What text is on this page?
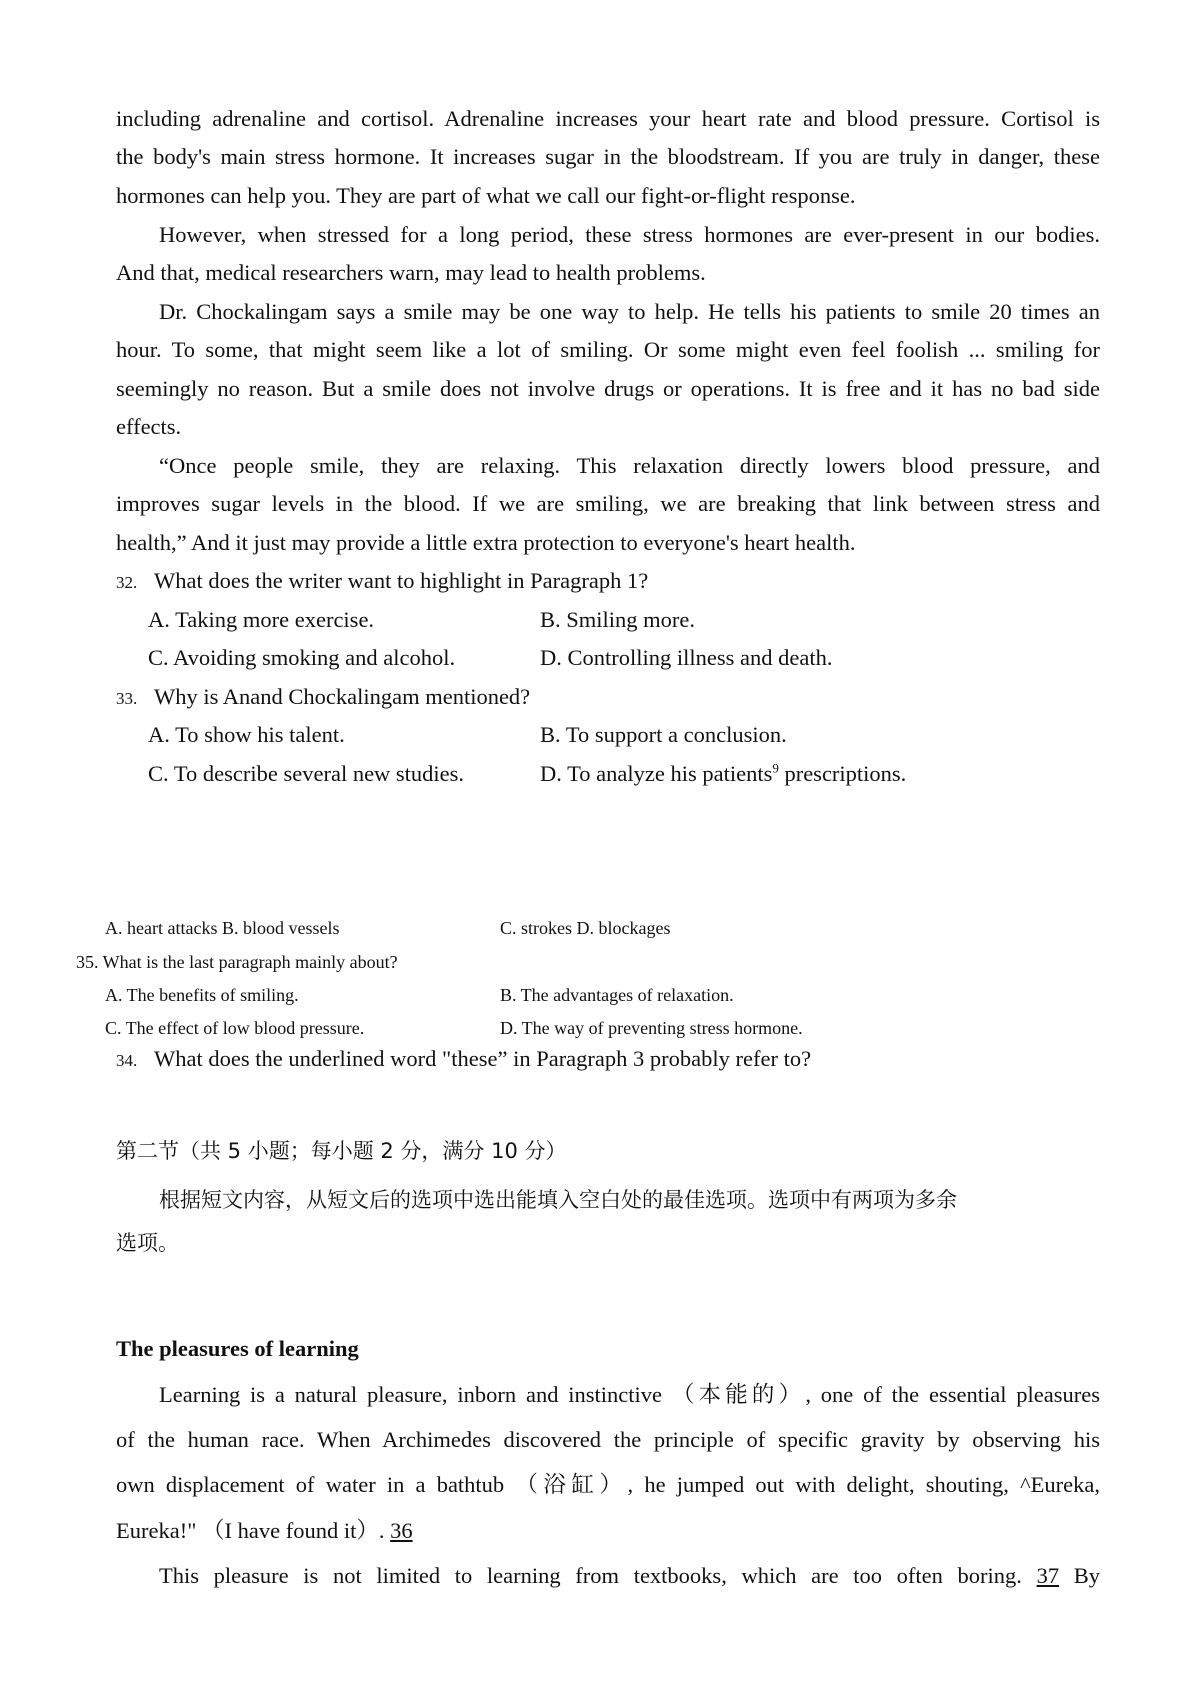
including adrenaline and cortisol. Adrenaline increases your heart rate and blood pressure. Cortisol is
the body's main stress hormone. It increases sugar in the bloodstream. If you are truly in danger, these
hormones can help you. They are part of what we call our fight-or-flight response.
However, when stressed for a long period, these stress hormones are ever-present in our bodies.
And that, medical researchers warn, may lead to health problems.
Dr. Chockalingam says a smile may be one way to help. He tells his patients to smile 20 times an
hour. To some, that might seem like a lot of smiling. Or some might even feel foolish ... smiling for
seemingly no reason. But a smile does not involve drugs or operations. It is free and it has no bad side
effects.
“Once people smile, they are relaxing. This relaxation directly lowers blood pressure, and
improves sugar levels in the blood. If we are smiling, we are breaking that link between stress and
health,” And it just may provide a little extra protection to everyone's heart health.
32. What does the writer want to highlight in Paragraph 1?
A. Taking more exercise.	B. Smiling more.
C. Avoiding smoking and alcohol.	D. Controlling illness and death.
33. Why is Anand Chockalingam mentioned?
A. To show his talent.	B. To support a conclusion.
C. To describe several new studies.	D. To analyze his patients$^9$ prescriptions.
A. heart attacks B. blood vessels	C. strokes D. blockages
35. What is the last paragraph mainly about?
A. The benefits of smiling.	B. The advantages of relaxation.
C. The effect of low blood pressure.	D. The way of preventing stress hormone.
34. What does the underlined word "these” in Paragraph 3 probably refer to?
第二节（共 5 小题；每小题 2 分，满分 10 分）
根据短文内容，从短文后的选项中选出能填入空白处的最佳选项。选项中有两项为多余
选项。
The pleasures of learning
Learning is a natural pleasure, inborn and instinctive （本能的）, one of the essential pleasures
of the human race. When Archimedes discovered the principle of specific gravity by observing his
own displacement of water in a bathtub （浴缸）, he jumped out with delight, shouting, ^Eureka,
Eureka!" （I have found it）. 36
This pleasure is not limited to learning from textbooks, which are too often boring. 37 By
